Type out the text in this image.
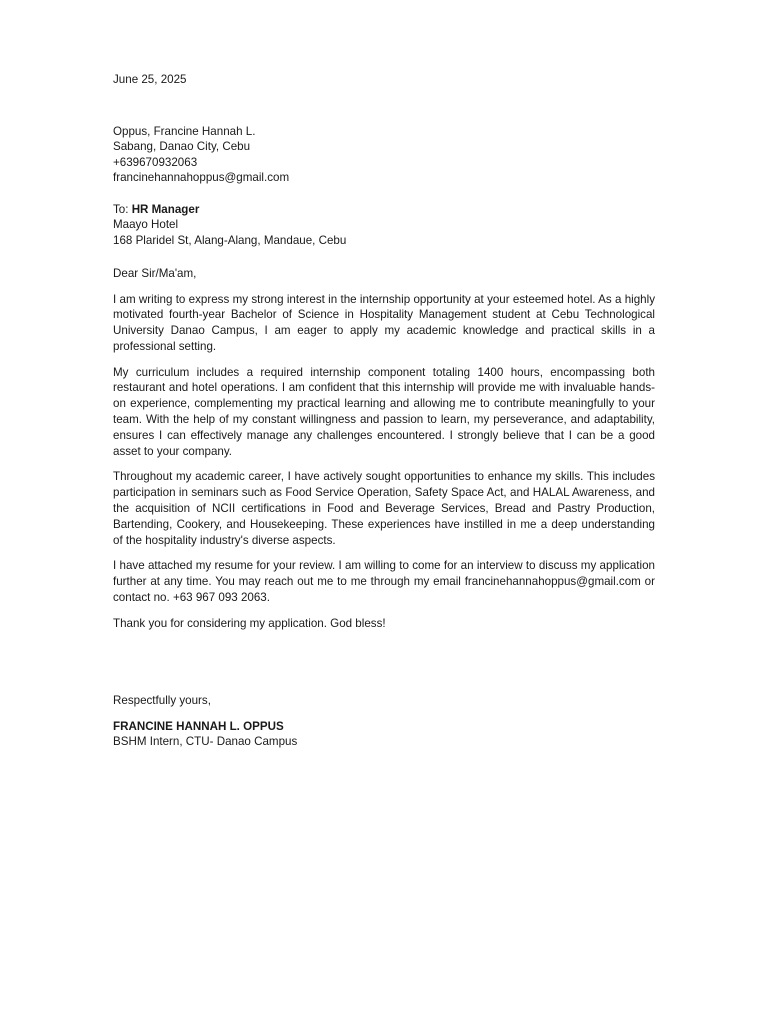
June 25, 2025
Oppus, Francine Hannah L.
Sabang, Danao City, Cebu
+639670932063
francinehannahoppus@gmail.com
To: HR Manager
Maayo Hotel
168 Plaridel St, Alang-Alang, Mandaue, Cebu
Dear Sir/Ma'am,

I am writing to express my strong interest in the internship opportunity at your esteemed hotel. As a highly motivated fourth-year Bachelor of Science in Hospitality Management student at Cebu Technological University Danao Campus, I am eager to apply my academic knowledge and practical skills in a professional setting.

My curriculum includes a required internship component totaling 1400 hours, encompassing both restaurant and hotel operations. I am confident that this internship will provide me with invaluable hands-on experience, complementing my practical learning and allowing me to contribute meaningfully to your team. With the help of my constant willingness and passion to learn, my perseverance, and adaptability, ensures I can effectively manage any challenges encountered. I strongly believe that I can be a good asset to your company.

Throughout my academic career, I have actively sought opportunities to enhance my skills. This includes participation in seminars such as Food Service Operation, Safety Space Act, and HALAL Awareness, and the acquisition of NCII certifications in Food and Beverage Services, Bread and Pastry Production, Bartending, Cookery, and Housekeeping. These experiences have instilled in me a deep understanding of the hospitality industry's diverse aspects.

I have attached my resume for your review. I am willing to come for an interview to discuss my application further at any time. You may reach out me to me through my email francinehannahoppus@gmail.com or contact no. +63 967 093 2063.

Thank you for considering my application. God bless!
Respectfully yours,
FRANCINE HANNAH L. OPPUS
BSHM Intern, CTU- Danao Campus
